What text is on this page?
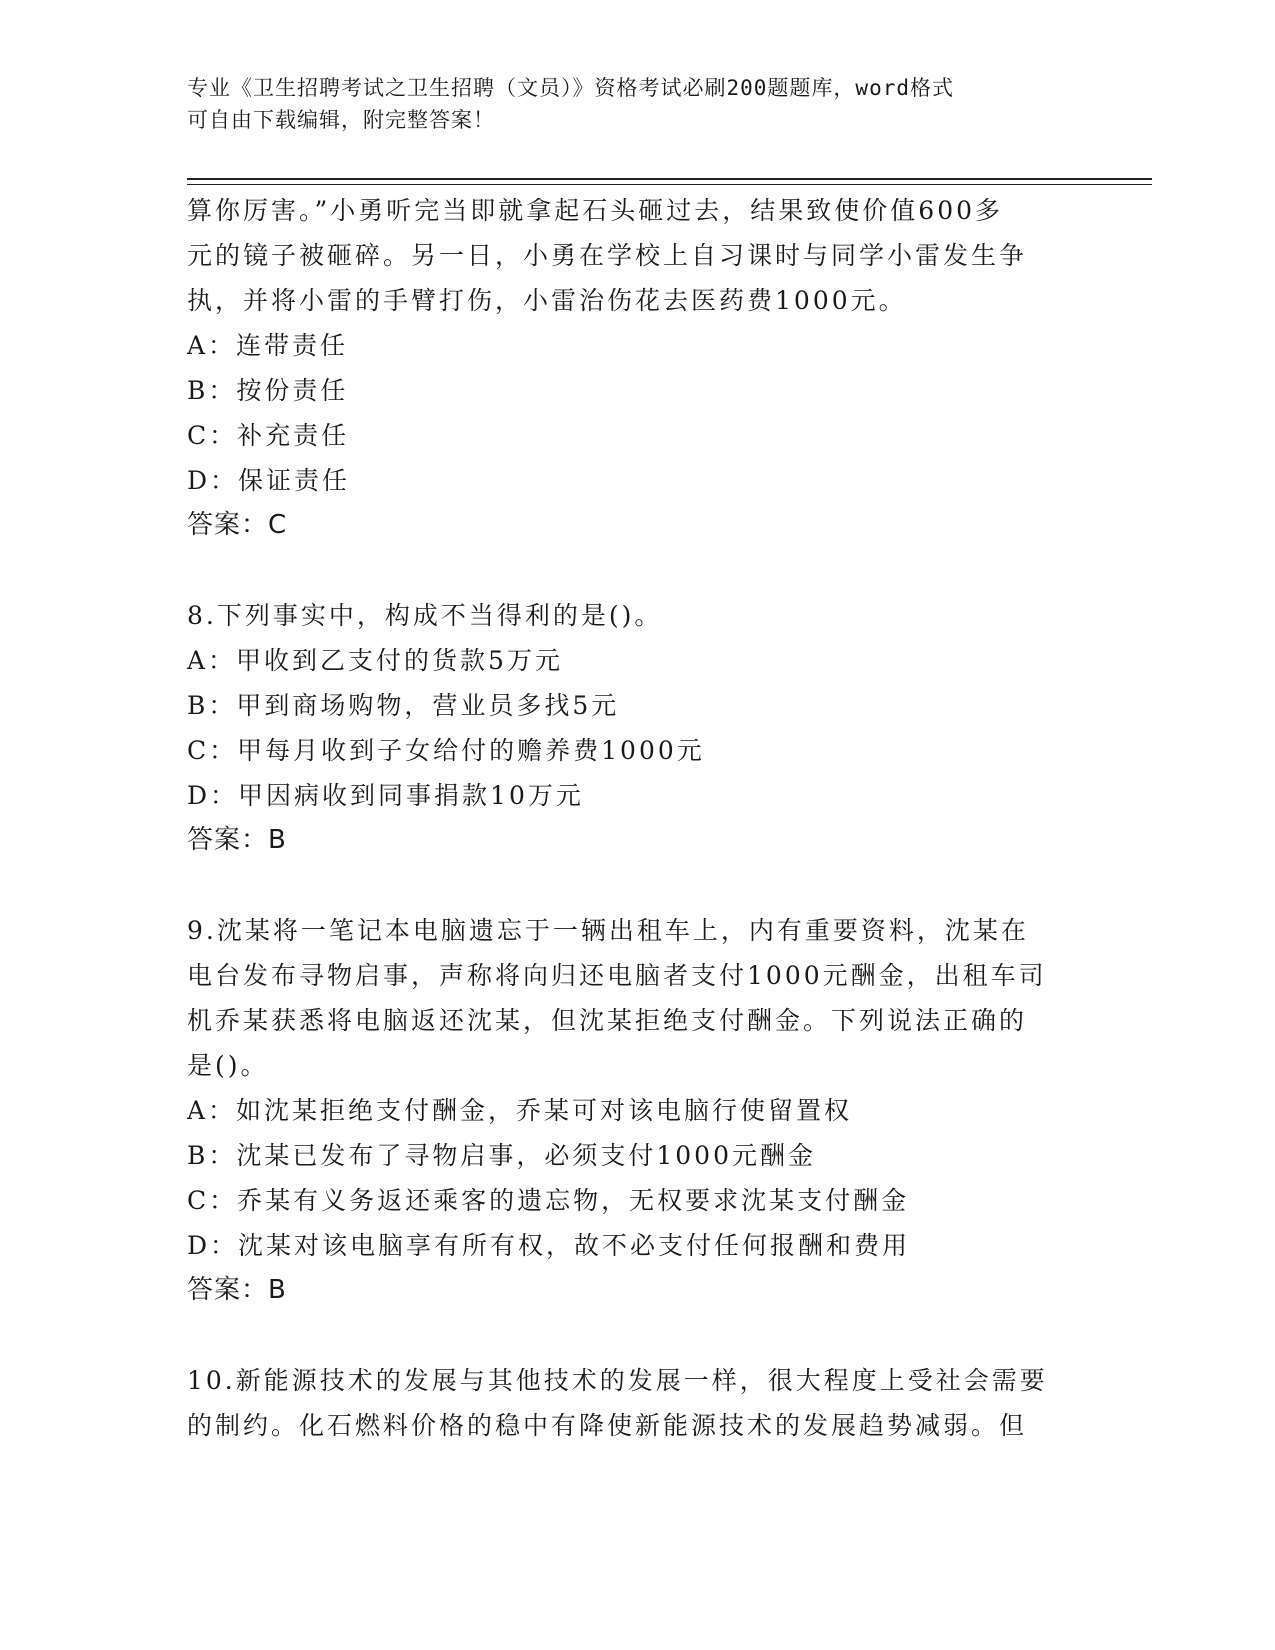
专业《卫生招聘考试之卫生招聘（文员）》资格考试必刷200题题库，word格式
可自由下载编辑，附完整答案！
算你厉害。”小勇听完当即就拿起石头砸过去，结果致使价值600多
元的镜子被砸碎。另一日，小勇在学校上自习课时与同学小雷发生争
执，并将小雷的手臂打伤，小雷治伤花去医药费1000元。
A：连带责任
B：按份责任
C：补充责任
D：保证责任
答案：C
8.下列事实中，构成不当得利的是()。
A：甲收到乙支付的货款5万元
B：甲到商场购物，营业员多找5元
C：甲每月收到子女给付的赡养费1000元
D：甲因病收到同事捐款10万元
答案：B
9.沈某将一笔记本电脑遗忘于一辆出租车上，内有重要资料，沈某在
电台发布寻物启事，声称将向归还电脑者支付1000元酬金，出租车司
机乔某获悉将电脑返还沈某，但沈某拒绝支付酬金。下列说法正确的
是()。
A：如沈某拒绝支付酬金，乔某可对该电脑行使留置权
B：沈某已发布了寻物启事，必须支付1000元酬金
C：乔某有义务返还乘客的遗忘物，无权要求沈某支付酬金
D：沈某对该电脑享有所有权，故不必支付任何报酬和费用
答案：B
10.新能源技术的发展与其他技术的发展一样，很大程度上受社会需要
的制约。化石燃料价格的稳中有降使新能源技术的发展趋势减弱。但
